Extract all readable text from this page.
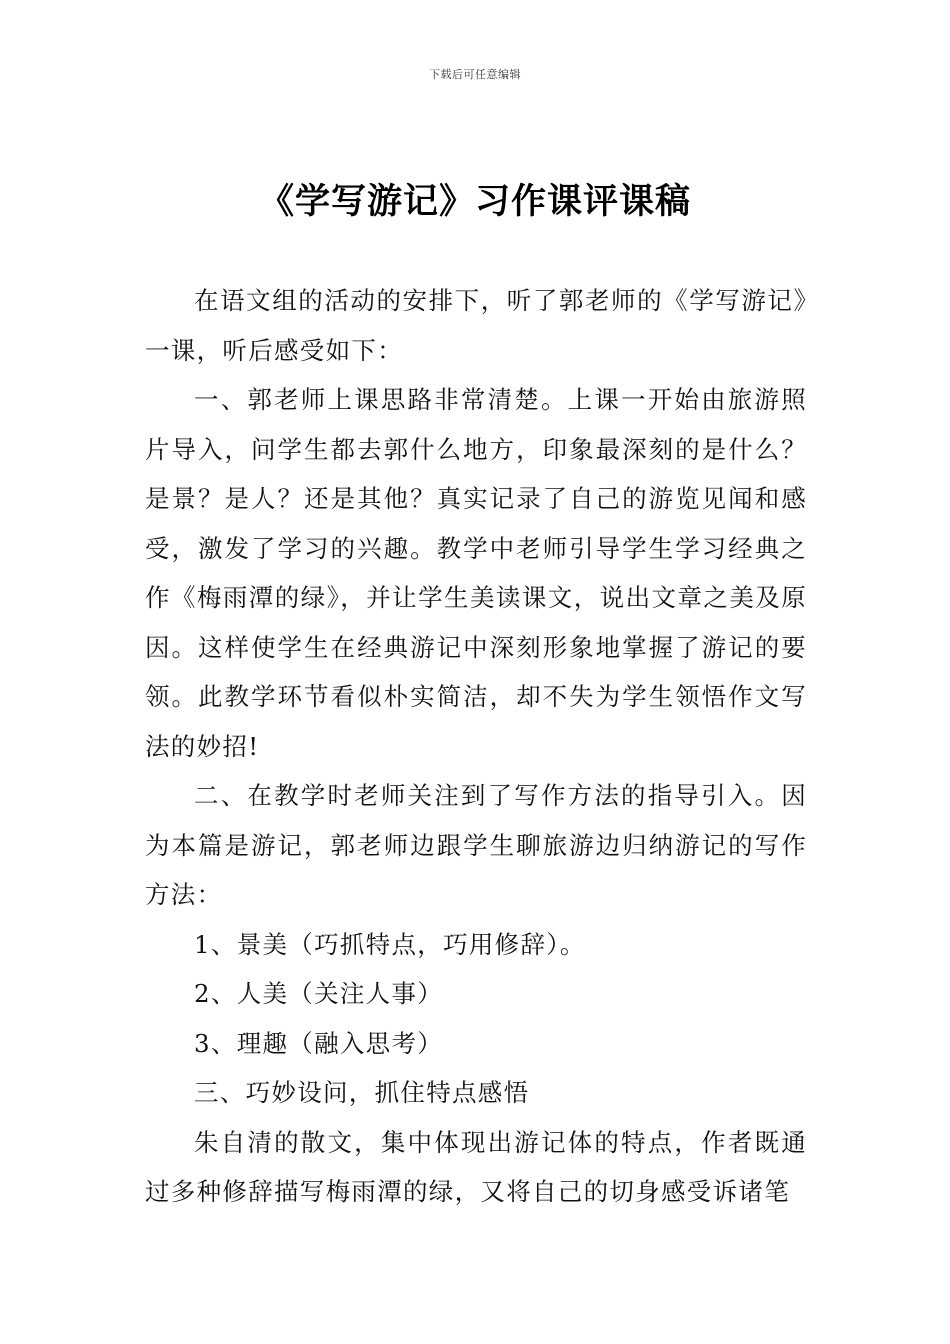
下载后可任意编辑
《学写游记》习作课评课稿

在语文组的活动的安排下，听了郭老师的《学写游记》一课，听后感受如下：

一、郭老师上课思路非常清楚。上课一开始由旅游照片导入，问学生都去郭什么地方，印象最深刻的是什么？是景？是人？还是其他？真实记录了自己的游览见闻和感受，激发了学习的兴趣。教学中老师引导学生学习经典之作《梅雨潭的绿》，并让学生美读课文，说出文章之美及原因。这样使学生在经典游记中深刻形象地掌握了游记的要领。此教学环节看似朴实简洁，却不失为学生领悟作文写法的妙招!

二、在教学时老师关注到了写作方法的指导引入。因为本篇是游记，郭老师边跟学生聊旅游边归纳游记的写作方法：

1、景美（巧抓特点，巧用修辞）。

2、人美（关注人事）

3、理趣（融入思考）

三、巧妙设问，抓住特点感悟

朱自清的散文，集中体现出游记体的特点，作者既通过多种修辞描写梅雨潭的绿，又将自己的切身感受诉诸笔
